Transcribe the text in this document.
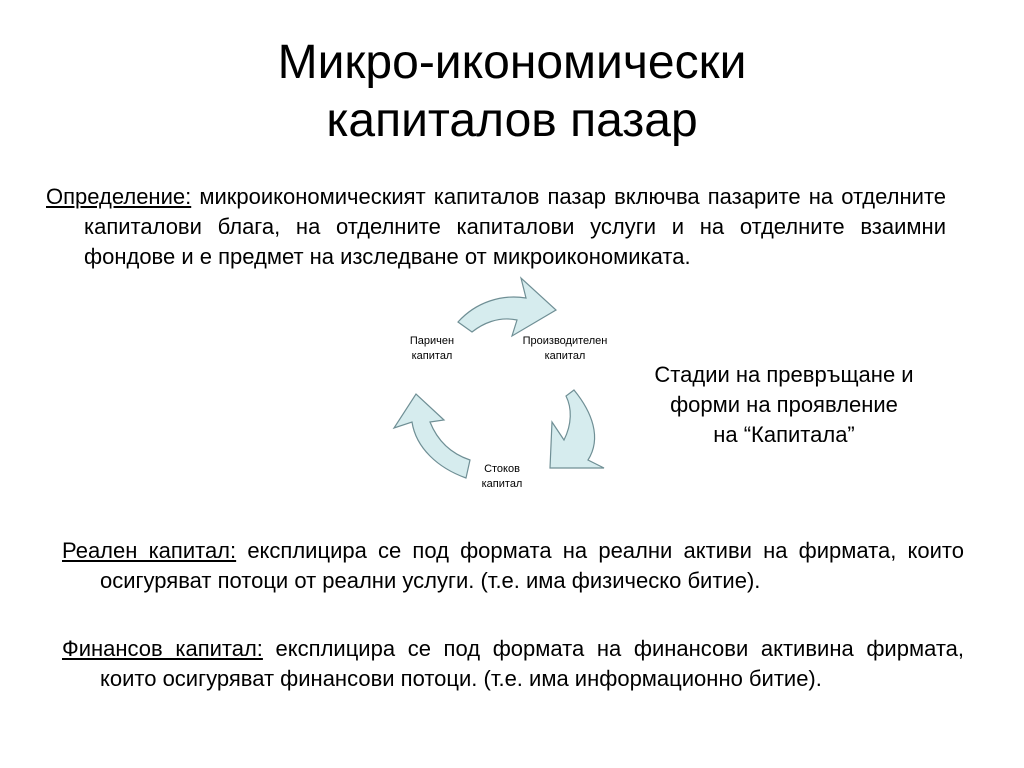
Микро-икономически
капиталов пазар
Определение: микроикономическият капиталов пазар включва пазарите на отделните капиталови блага, на отделните капиталови услуги и на отделните взаимни фондове и е предмет на изследване от микроикономиката.
Паричен
капитал
Производителен
капитал
Стоков
капитал
Стадии на превръщане и
форми на проявление
на “Капитала”
Реален капитал: експлицира се под формата на реални активи на фирмата, които осигуряват потоци от реални услуги. (т.е. има физическо битие).
Финансов капитал: експлицира се под формата на финансови активина фирмата, които осигуряват финансови потоци. (т.е. има информационно битие).
